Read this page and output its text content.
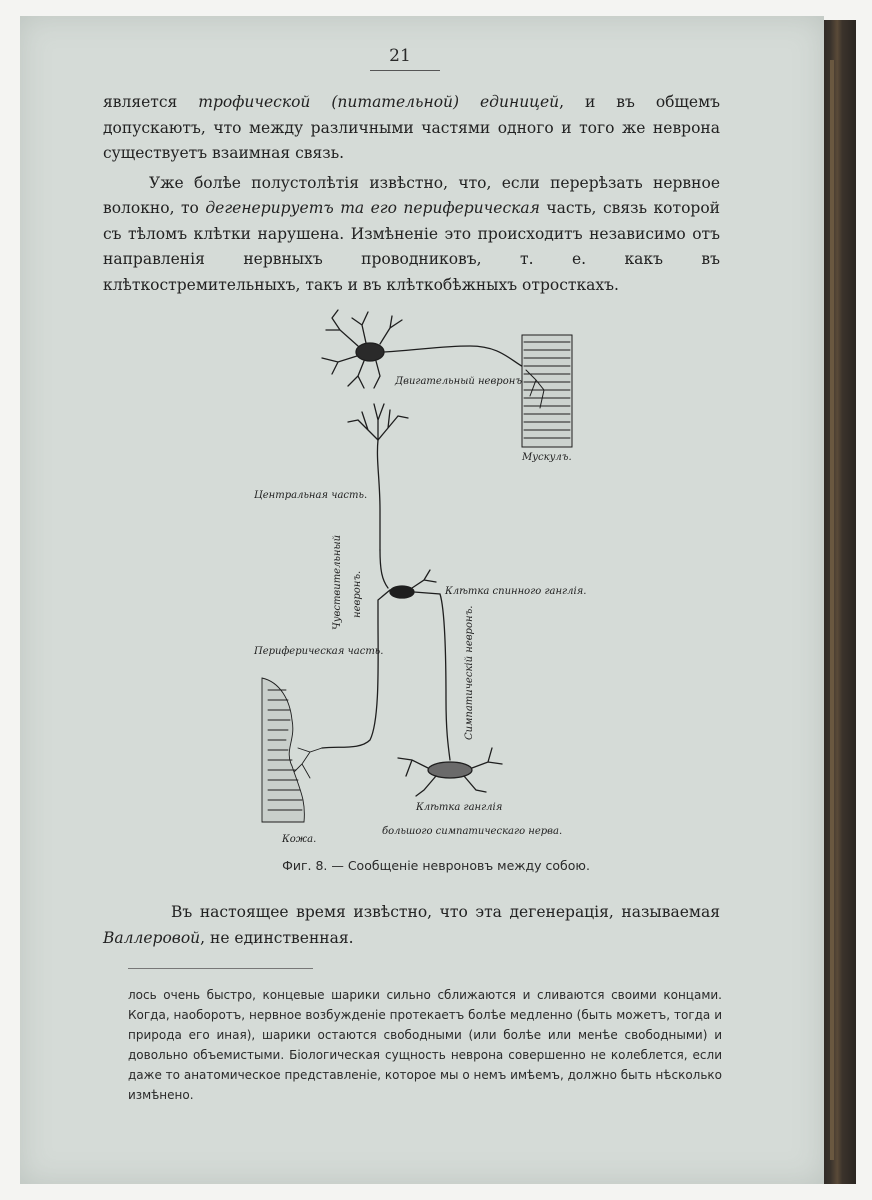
21

является трофической (питательной) единицей, и въ общемъ допускаютъ, что между различными частями одного и того же неврона существуетъ взаимная связь.

Уже болѣе полустолѣтія извѣстно, что, если перерѣзать нервное волокно, то дегенерируетъ та его периферическая часть, связь которой съ тѣломъ клѣтки нарушена. Измѣненіе это происходитъ независимо отъ направленія нервныхъ проводниковъ, т. е. какъ въ клѣткостремительныхъ, такъ и въ клѣткобѣжныхъ отросткахъ.

Двигательный невронъ
Мускулъ.
Центральная часть.
Чувствительный невронъ.	Клѣтка спинного ганглія.
Периферическая часть.	Симпатическій невронъ.
Кожа.
Клѣтка ганглія
большого симпатическаго нерва.
Фиг. 8. — Сообщеніе невроновъ между собою.

Въ настоящее время извѣстно, что эта дегенерація, называемая Валлеровой, не единственная.

лось очень быстро, концевые шарики сильно сближаются и сливаются своими концами. Когда, наоборотъ, нервное возбужденіе протекаетъ болѣе медленно (быть можетъ, тогда и природа его иная), шарики остаются свободными (или болѣе или менѣе свободными) и довольно объемистыми. Біологическая сущность неврона совершенно не колеблется, если даже то анатомическое представленіе, которое мы о немъ имѣемъ, должно быть нѣсколько измѣнено.
